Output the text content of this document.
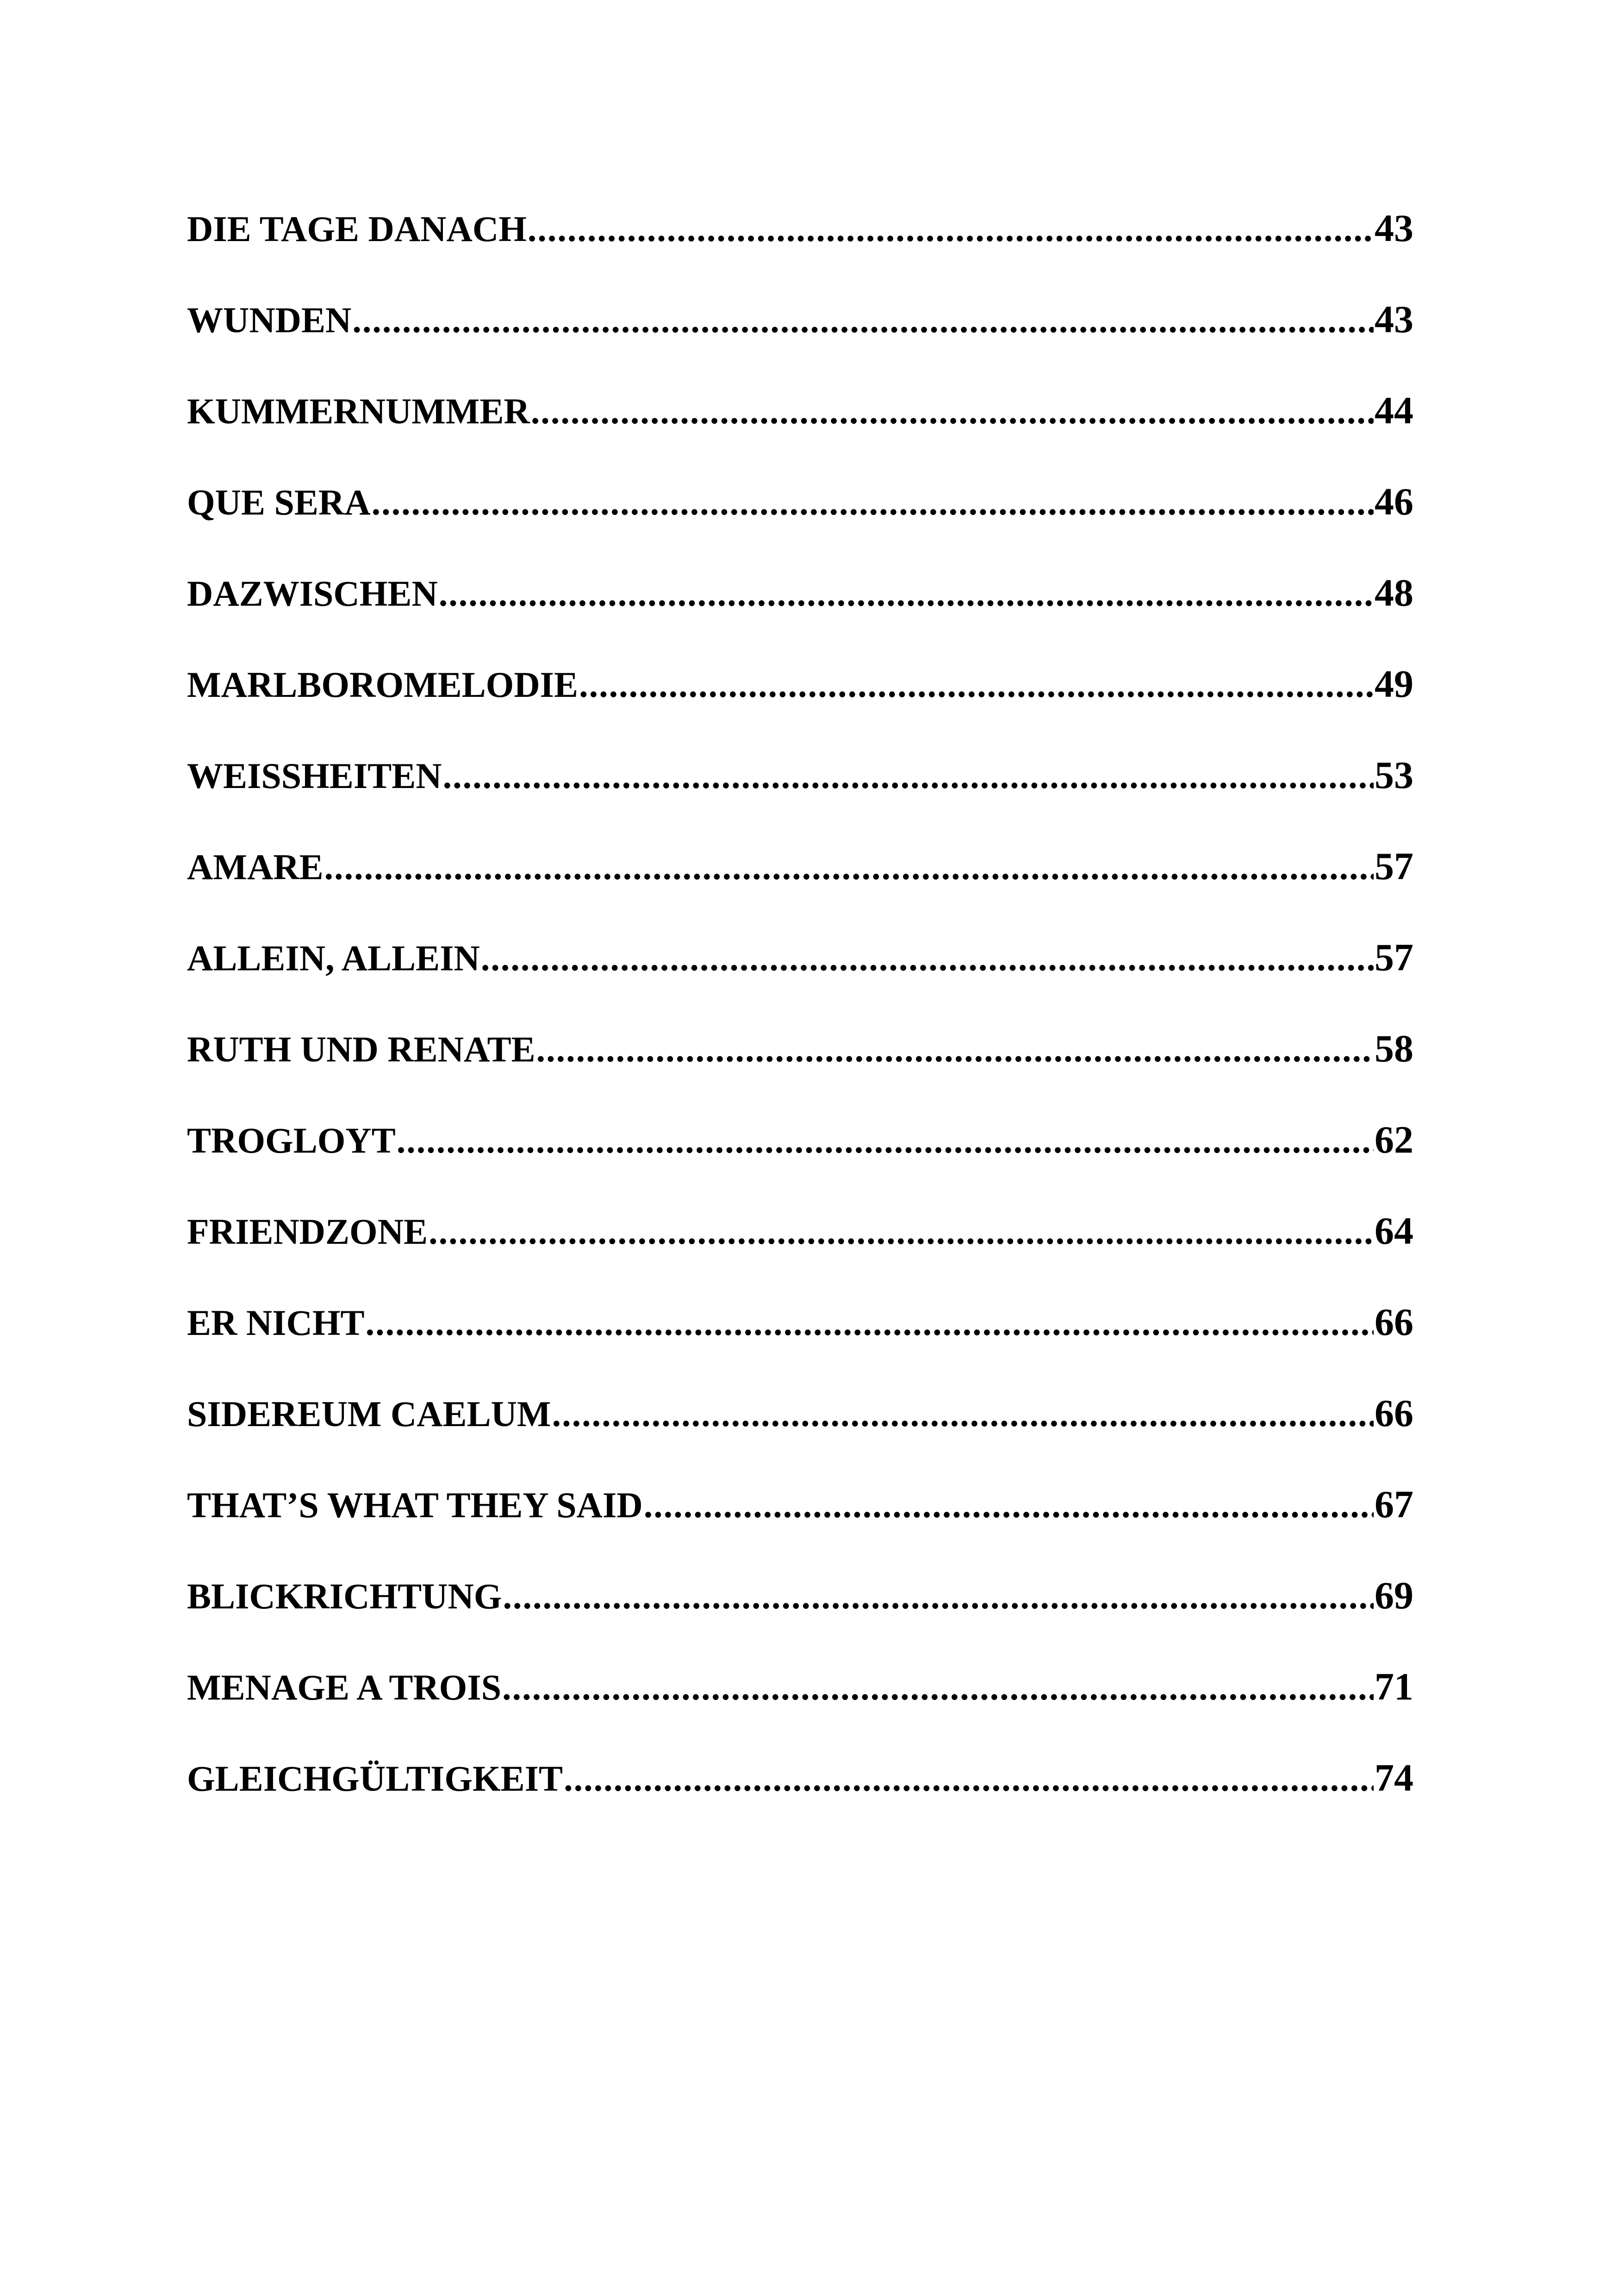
DIE TAGE DANACH .....	43
WUNDEN .....	43
KUMMERNUMMER .....	44
QUE SERA .....	46
DAZWISCHEN .....	48
MARLBOROMELODIE .....	49
WEISSHEITEN .....	53
AMARE .....	57
ALLEIN, ALLEIN .....	57
RUTH UND RENATE .....	58
TROGLOYT .....	62
FRIENDZONE .....	64
ER NICHT .....	66
SIDEREUM CAELUM .....	66
THAT’S WHAT THEY SAID .....	67
BLICKRICHTUNG .....	69
MENAGE A TROIS .....	71
GLEICHGÜLTIGKEIT .....	74
